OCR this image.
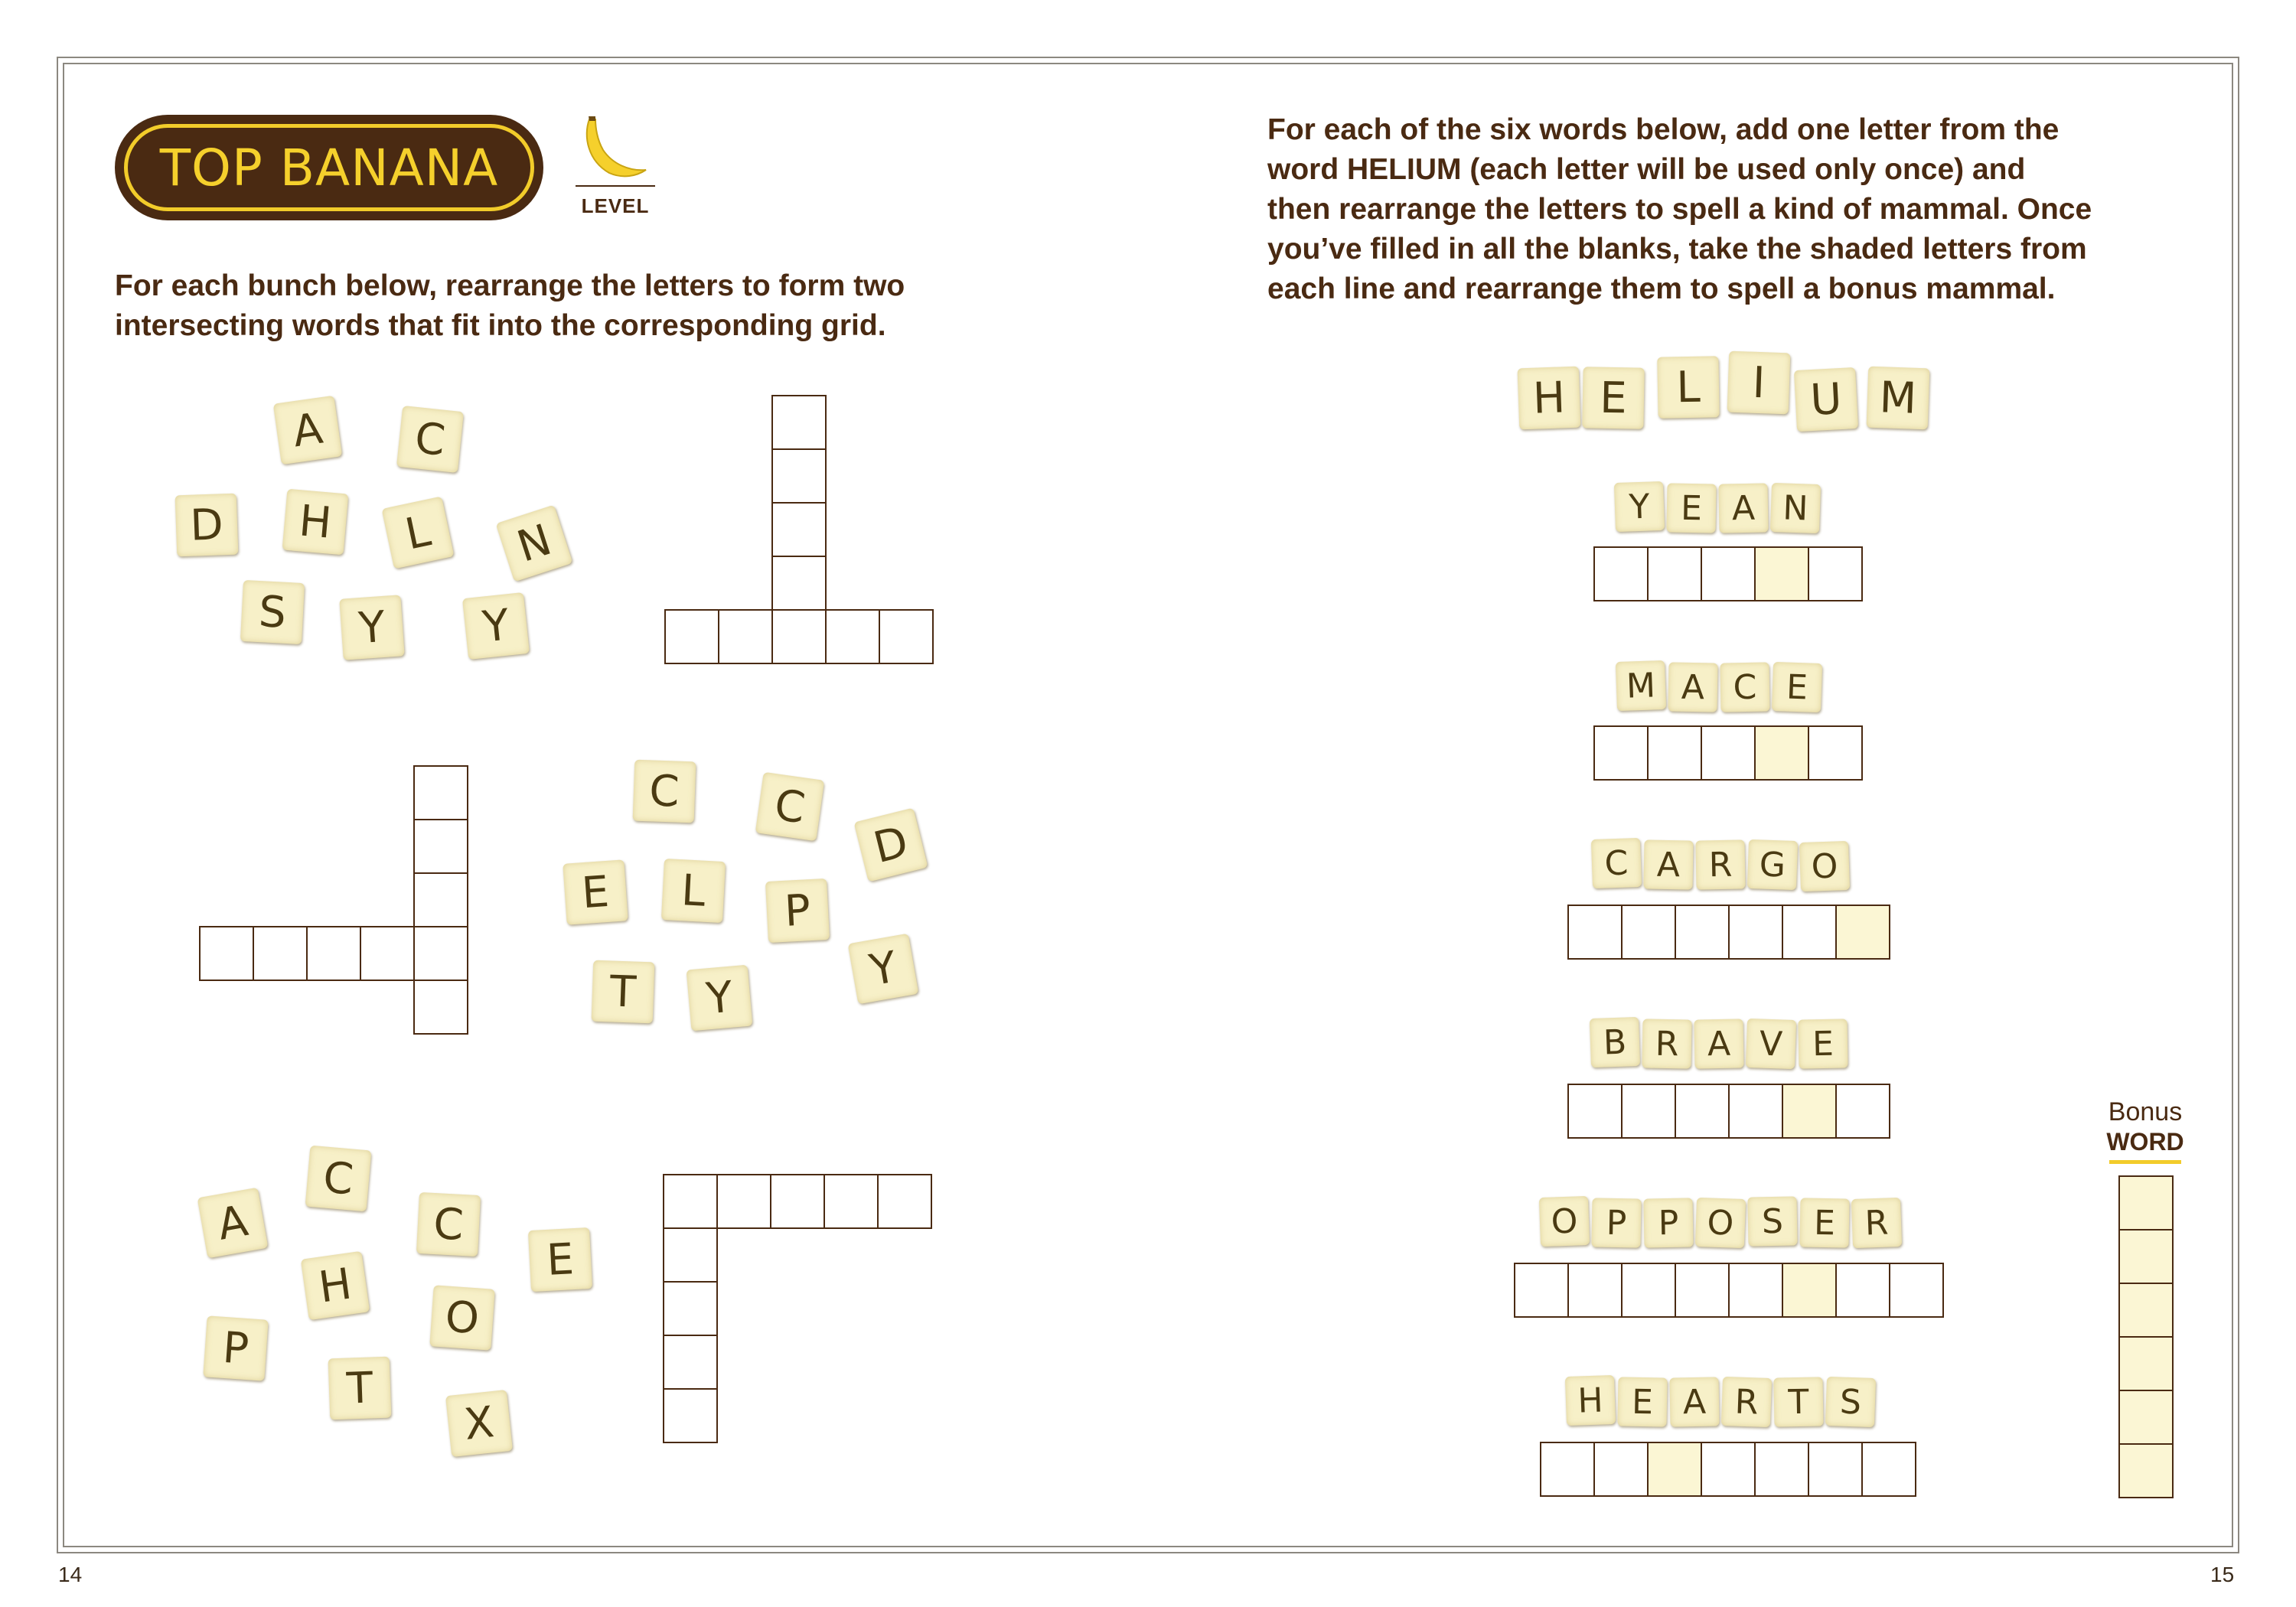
TOP BANANA
LEVEL
For each bunch below, rearrange the letters to form two
intersecting words that fit into the corresponding grid.
For each of the six words below, add one letter from the
word HELIUM (each letter will be used only once) and
then rearrange the letters to spell a kind of mammal. Once
you’ve filled in all the blanks, take the shaded letters from
each line and rearrange them to spell a bonus mammal.
A	C
D	H	L	N
S	Y	Y
C	C
D
E	L	P
T	Y
Y
C
A	C
E
H
P
O
T
X
H E	L	I	U M
Y E A N
M A C E
C A R G O
B R A V E
O P P O S E R
H E A R T S
Bonus
WORD
14	15
